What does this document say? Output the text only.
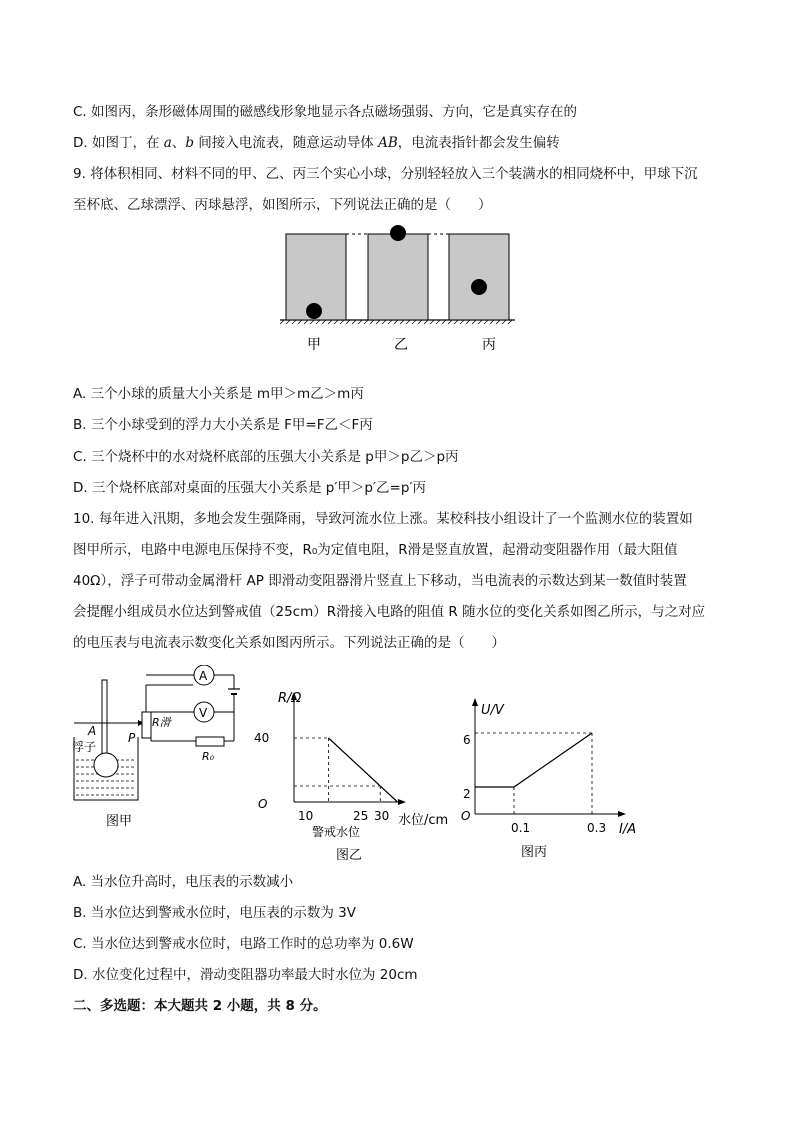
C. 如图丙，条形磁体周围的磁感线形象地显示各点磁场强弱、方向，它是真实存在的
D. 如图丁，在 a、b 间接入电流表，随意运动导体 AB，电流表指针都会发生偏转
9. 将体积相同、材料不同的甲、乙、丙三个实心小球，分别轻轻放入三个装满水的相同烧杯中，甲球下沉
至杯底、乙球漂浮、丙球悬浮，如图所示，下列说法正确的是（　　）
甲	乙	丙
A. 三个小球的质量大小关系是 m甲＞m乙＞m丙
B. 三个小球受到的浮力大小关系是 F甲=F乙＜F丙
C. 三个烧杯中的水对烧杯底部的压强大小关系是 p甲＞p乙＞p丙
D. 三个烧杯底部对桌面的压强大小关系是 p′甲＞p′乙=p′丙
10. 每年进入汛期，多地会发生强降雨，导致河流水位上涨。某校科技小组设计了一个监测水位的装置如
图甲所示，电路中电源电压保持不变，R₀为定值电阻，R滑是竖直放置，起滑动变阻器作用（最大阻值
40Ω），浮子可带动金属滑杆 AP 即滑动变阻器滑片竖直上下移动，当电流表的示数达到某一数值时装置
会提醒小组成员水位达到警戒值（25cm）R滑接入电路的阻值 R 随水位的变化关系如图乙所示，与之对应
的电压表与电流表示数变化关系如图丙所示。下列说法正确的是（　　）
A
V
A	P
R滑
R₀
浮子
图甲
R/Ω
水位/cm
O
40
10	25 30
警戒水位
图乙
U/V
I/A
O
6
2
0.1	0.3
图丙
A. 当水位升高时，电压表的示数减小
B. 当水位达到警戒水位时，电压表的示数为 3V
C. 当水位达到警戒水位时，电路工作时的总功率为 0.6W
D. 水位变化过程中，滑动变阻器功率最大时水位为 20cm
二、多选题：本大题共 2 小题，共 8 分。
